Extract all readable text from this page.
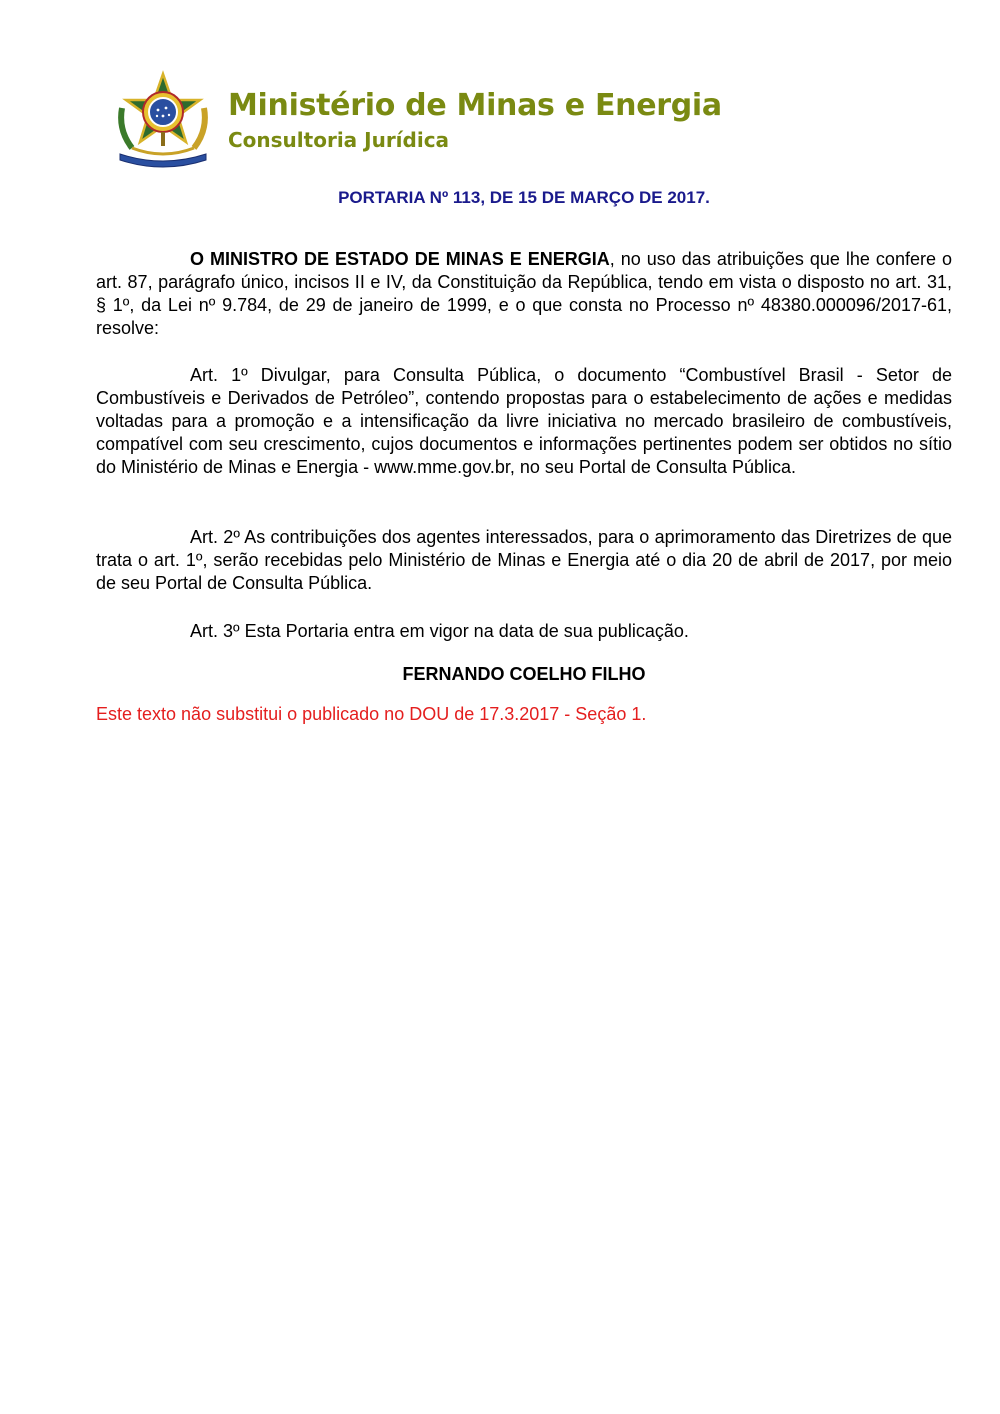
Ministério de Minas e Energia
Consultoria Jurídica
PORTARIA Nº 113, DE 15 DE MARÇO DE 2017.
O MINISTRO DE ESTADO DE MINAS E ENERGIA, no uso das atribuições que lhe confere o art. 87, parágrafo único, incisos II e IV, da Constituição da República, tendo em vista o disposto no art. 31, § 1º, da Lei nº 9.784, de 29 de janeiro de 1999, e o que consta no Processo nº 48380.000096/2017-61, resolve:
Art. 1º Divulgar, para Consulta Pública, o documento “Combustível Brasil - Setor de Combustíveis e Derivados de Petróleo”, contendo propostas para o estabelecimento de ações e medidas voltadas para a promoção e a intensificação da livre iniciativa no mercado brasileiro de combustíveis, compatível com seu crescimento, cujos documentos e informações pertinentes podem ser obtidos no sítio do Ministério de Minas e Energia - www.mme.gov.br, no seu Portal de Consulta Pública.
Art. 2º As contribuições dos agentes interessados, para o aprimoramento das Diretrizes de que trata o art. 1º, serão recebidas pelo Ministério de Minas e Energia até o dia 20 de abril de 2017, por meio de seu Portal de Consulta Pública.
Art. 3º Esta Portaria entra em vigor na data de sua publicação.
FERNANDO COELHO FILHO
Este texto não substitui o publicado no DOU de 17.3.2017 - Seção 1.
